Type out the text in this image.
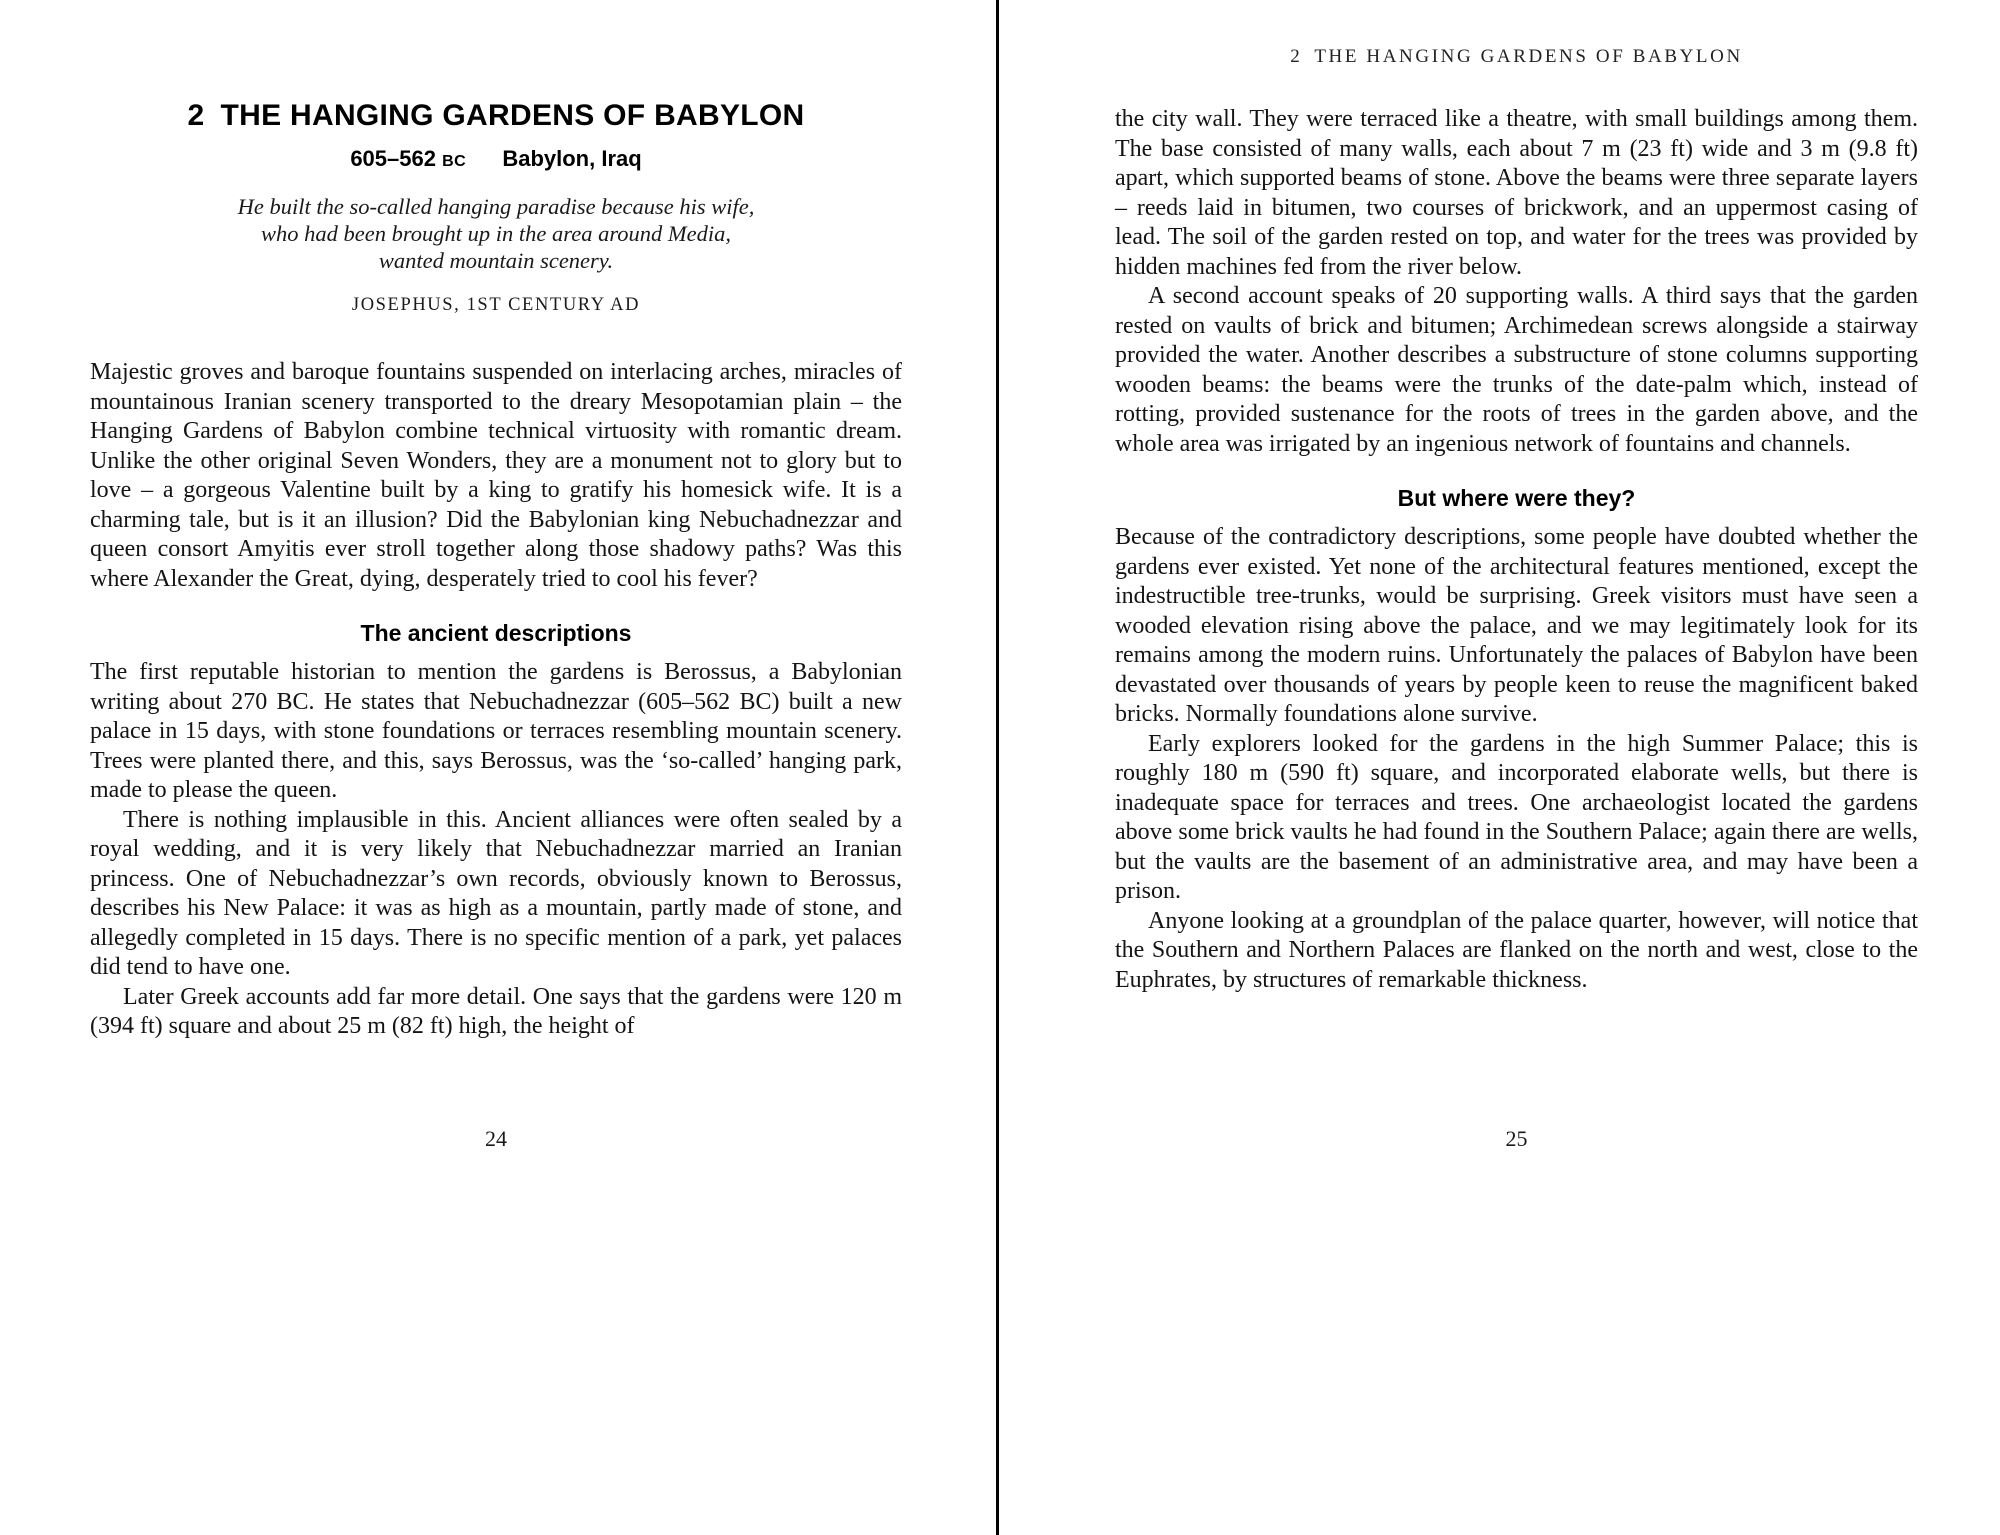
2 THE HANGING GARDENS OF BABYLON
605–562 BC Babylon, Iraq
He built the so-called hanging paradise because his wife,
who had been brought up in the area around Media,
wanted mountain scenery.
JOSEPHUS, 1ST CENTURY AD

Majestic groves and baroque fountains suspended on interlacing arches, miracles of mountainous Iranian scenery transported to the dreary Mesopotamian plain – the Hanging Gardens of Babylon combine technical virtuosity with romantic dream. Unlike the other original Seven Wonders, they are a monument not to glory but to love – a gorgeous Valentine built by a king to gratify his homesick wife. It is a charming tale, but is it an illusion? Did the Babylonian king Nebuchadnezzar and queen consort Amyitis ever stroll together along those shadowy paths? Was this where Alexander the Great, dying, desperately tried to cool his fever?

The ancient descriptions

The first reputable historian to mention the gardens is Berossus, a Babylonian writing about 270 BC. He states that Nebuchadnezzar (605–562 BC) built a new palace in 15 days, with stone foundations or terraces resembling mountain scenery. Trees were planted there, and this, says Berossus, was the ‘so-called’ hanging park, made to please the queen.

There is nothing implausible in this. Ancient alliances were often sealed by a royal wedding, and it is very likely that Nebuchadnezzar married an Iranian princess. One of Nebuchadnezzar’s own records, obviously known to Berossus, describes his New Palace: it was as high as a mountain, partly made of stone, and allegedly completed in 15 days. There is no specific mention of a park, yet palaces did tend to have one.

Later Greek accounts add far more detail. One says that the gardens were 120 m (394 ft) square and about 25 m (82 ft) high, the height of

24
2 THE HANGING GARDENS OF BABYLON

the city wall. They were terraced like a theatre, with small buildings among them. The base consisted of many walls, each about 7 m (23 ft) wide and 3 m (9.8 ft) apart, which supported beams of stone. Above the beams were three separate layers – reeds laid in bitumen, two courses of brickwork, and an uppermost casing of lead. The soil of the garden rested on top, and water for the trees was provided by hidden machines fed from the river below.

A second account speaks of 20 supporting walls. A third says that the garden rested on vaults of brick and bitumen; Archimedean screws alongside a stairway provided the water. Another describes a substructure of stone columns supporting wooden beams: the beams were the trunks of the date-palm which, instead of rotting, provided sustenance for the roots of trees in the garden above, and the whole area was irrigated by an ingenious network of fountains and channels.

But where were they?

Because of the contradictory descriptions, some people have doubted whether the gardens ever existed. Yet none of the architectural features mentioned, except the indestructible tree-trunks, would be surprising. Greek visitors must have seen a wooded elevation rising above the palace, and we may legitimately look for its remains among the modern ruins. Unfortunately the palaces of Babylon have been devastated over thousands of years by people keen to reuse the magnificent baked bricks. Normally foundations alone survive.

Early explorers looked for the gardens in the high Summer Palace; this is roughly 180 m (590 ft) square, and incorporated elaborate wells, but there is inadequate space for terraces and trees. One archaeologist located the gardens above some brick vaults he had found in the Southern Palace; again there are wells, but the vaults are the basement of an administrative area, and may have been a prison.

Anyone looking at a groundplan of the palace quarter, however, will notice that the Southern and Northern Palaces are flanked on the north and west, close to the Euphrates, by structures of remarkable thickness.

25
